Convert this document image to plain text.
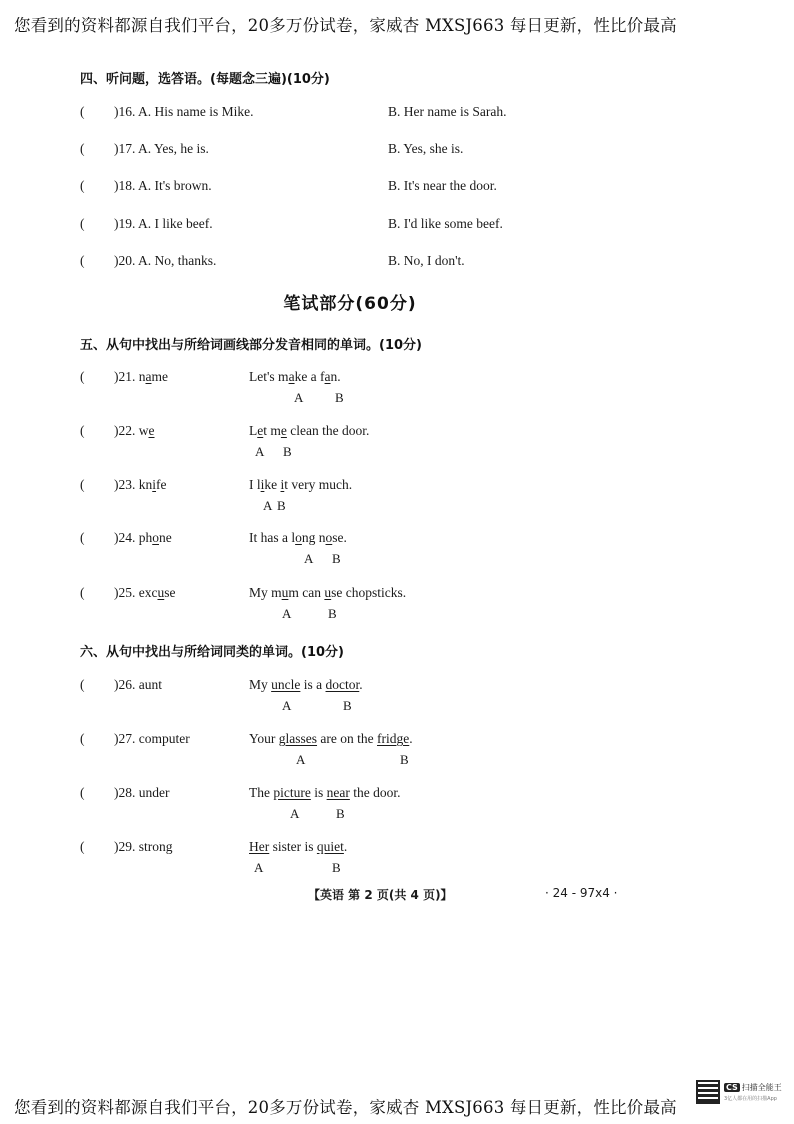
您看到的资料都源自我们平台，20多万份试卷，家威杏 MXSJ663 每日更新，性比价最高
四、听问题，选答语。(每题念三遍)(10分)
( )16. A. His name is Mike.	B. Her name is Sarah.
( )17. A. Yes, he is.	B. Yes, she is.
( )18. A. It's brown.	B. It's near the door.
( )19. A. I like beef.	B. I'd like some beef.
( )20. A. No, thanks.	B. No, I don't.
笔试部分(60分)
五、从句中找出与所给词画线部分发音相同的单词。(10分)
( )21. name	Let's make a fan.
A B
( )22. we	Let me clean the door.
A B
( )23. knife	I like it very much.
A B
( )24. phone	It has a long nose.
A B
( )25. excuse	My mum can use chopsticks.
A	B
六、从句中找出与所给词同类的单词。(10分)
( )26. aunt	My uncle is a doctor.
A	B
( )27. computer	Your glasses are on the fridge.
A	B
( )28. under	The picture is near the door.
A	B
( )29. strong	Her sister is quiet.
A	B
【英语 第 2 页(共 4 页)】	· 24 - 97x4 ·
您看到的资料都源自我们平台，20多万份试卷，家威杏 MXSJ663 每日更新，性比价最高
CS 扫描全能王
3亿人都在用的扫描App
